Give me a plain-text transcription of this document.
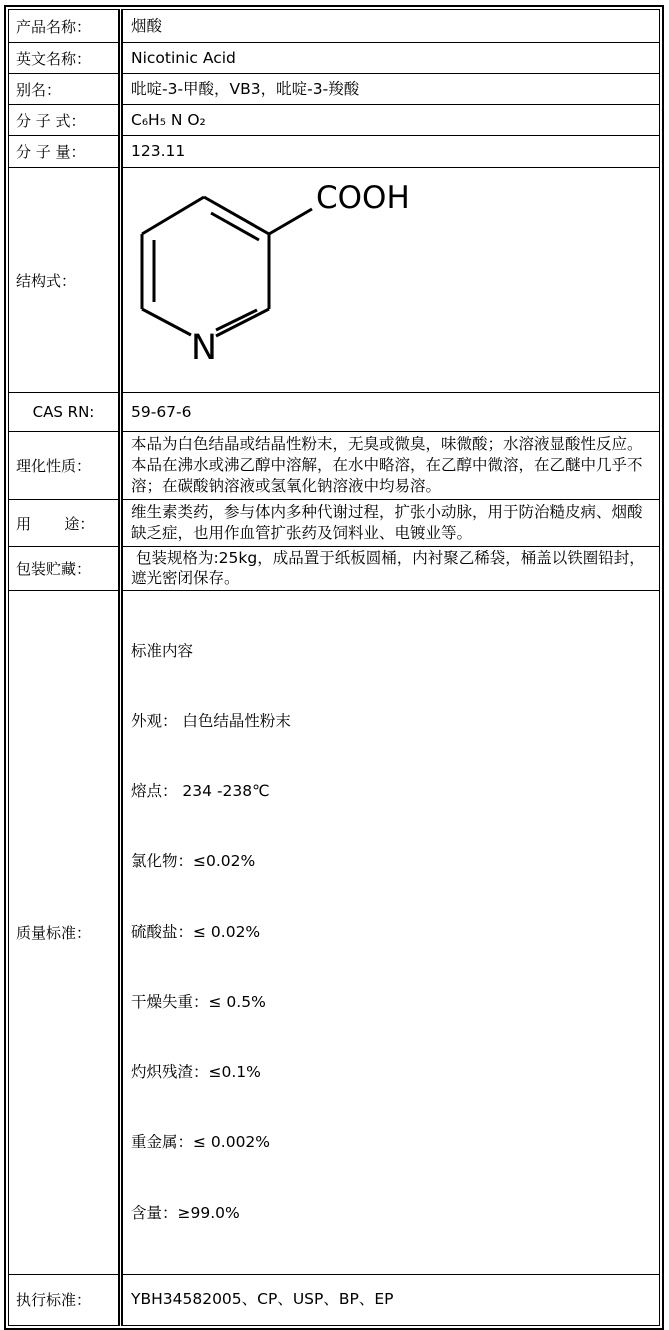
产品名称：	烟酸
英文名称：	Nicotinic Acid
别名：	吡啶-3-甲酸，VB3，吡啶-3-羧酸
分 子 式：	C₆H₅ N O₂
分 子 量：	123.11
结构式：	N
COOH

CAS RN:	59-67-6
理化性质：	本品为白色结晶或结晶性粉末，无臭或微臭，味微酸；水溶液显酸性反应。本品在沸水或沸乙醇中溶解，在水中略溶，在乙醇中微溶，在乙醚中几乎不溶；在碳酸钠溶液或氢氧化钠溶液中均易溶。
用       途：	维生素类药，参与体内多种代谢过程，扩张小动脉，用于防治糙皮病、烟酸缺乏症，也用作血管扩张药及饲料业、电镀业等。
包装贮藏：	包装规格为:25kg，成品置于纸板圆桶，内衬聚乙稀袋，桶盖以铁圈铅封，遮光密闭保存。
质量标准：	

标准内容

外观： 白色结晶性粉末

熔点： 234 -238℃

氯化物：≤0.02%

硫酸盐：≤ 0.02%

干燥失重：≤ 0.5%

灼炽残渣：≤0.1%

重金属：≤ 0.002%

含量：≥99.0%

执行标准：	YBH34582005、CP、USP、BP、EP
